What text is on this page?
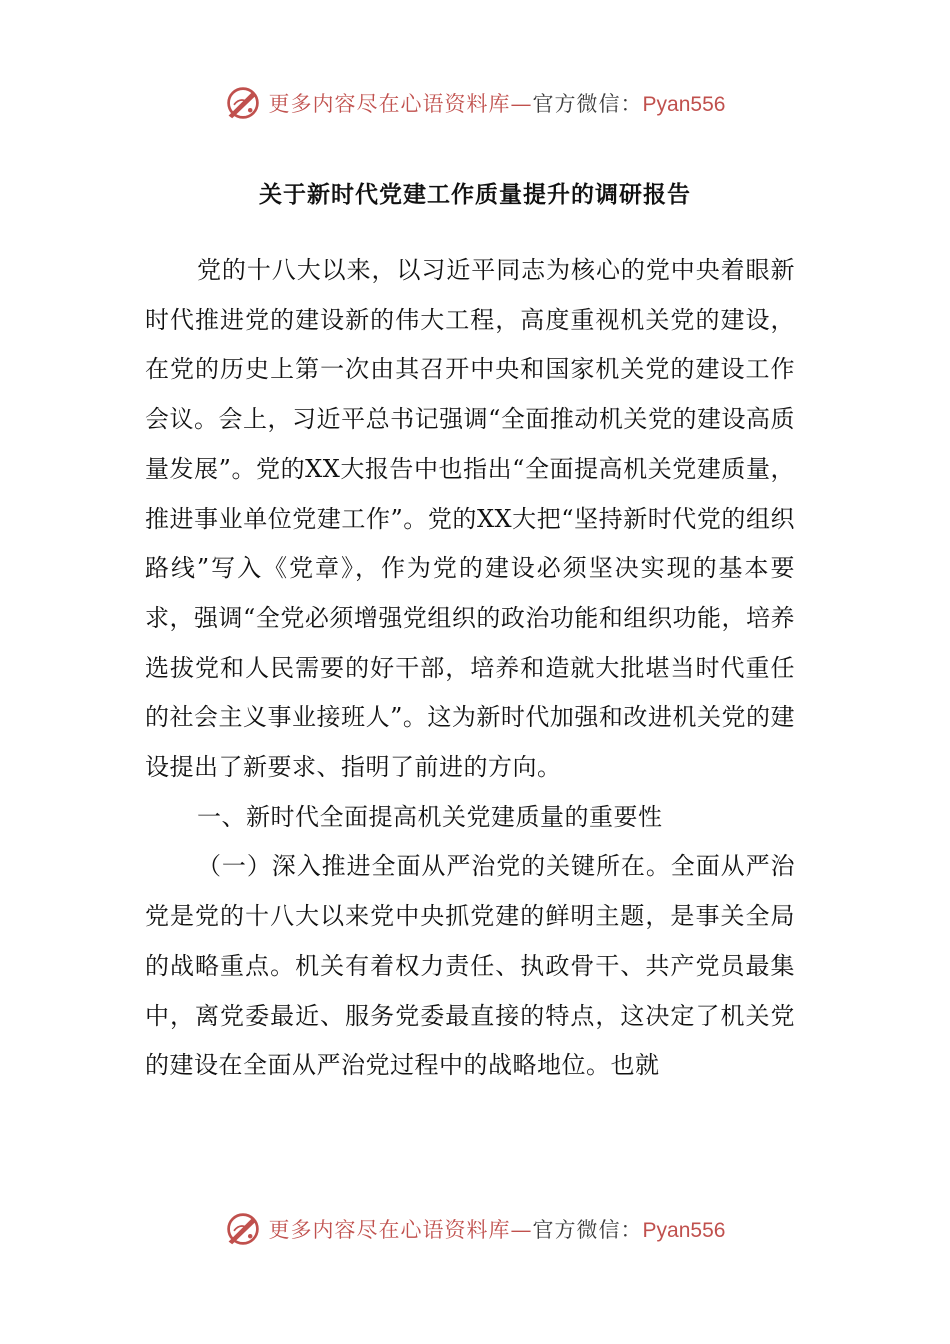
更多内容尽在心语资料库—官方微信：Pyan556
关于新时代党建工作质量提升的调研报告

党的十八大以来，以习近平同志为核心的党中央着眼新时代推进党的建设新的伟大工程，高度重视机关党的建设，在党的历史上第一次由其召开中央和国家机关党的建设工作会议。会上，习近平总书记强调“全面推动机关党的建设高质量发展”。党的XX大报告中也指出“全面提高机关党建质量，推进事业单位党建工作”。党的XX大把“坚持新时代党的组织路线”写入《党章》，作为党的建设必须坚决实现的基本要求，强调“全党必须增强党组织的政治功能和组织功能，培养选拔党和人民需要的好干部，培养和造就大批堪当时代重任的社会主义事业接班人”。这为新时代加强和改进机关党的建设提出了新要求、指明了前进的方向。

一、新时代全面提高机关党建质量的重要性

（一）深入推进全面从严治党的关键所在。全面从严治党是党的十八大以来党中央抓党建的鲜明主题，是事关全局的战略重点。机关有着权力责任、执政骨干、共产党员最集中，离党委最近、服务党委最直接的特点，这决定了机关党的建设在全面从严治党过程中的战略地位。也就

更多内容尽在心语资料库—官方微信：Pyan556
